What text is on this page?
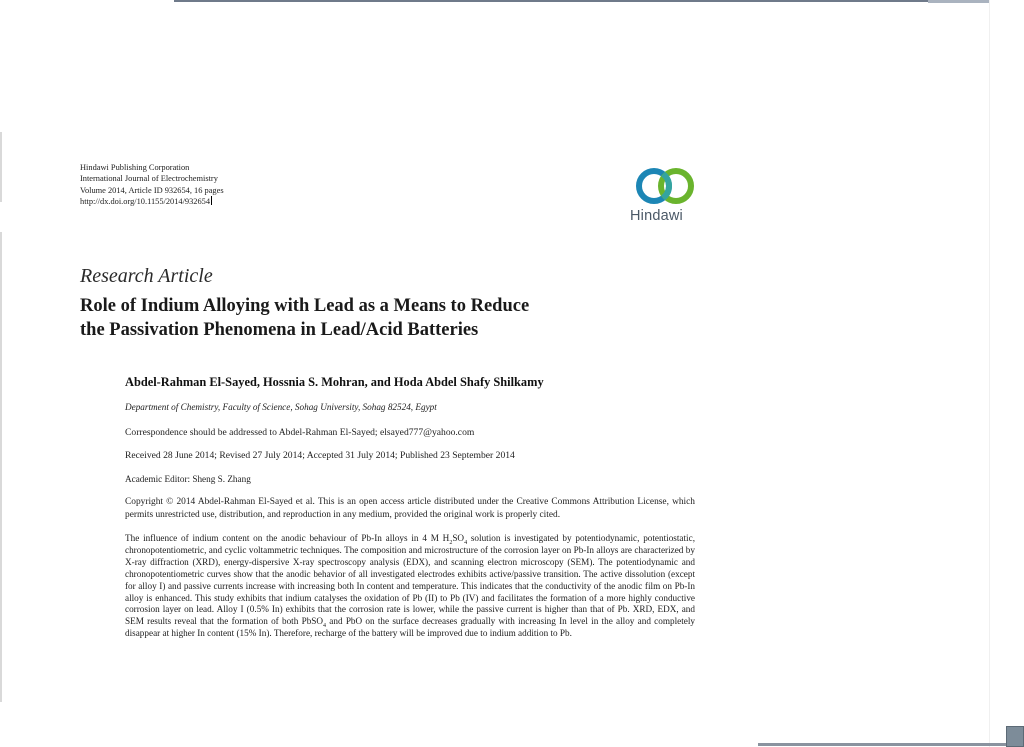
Hindawi Publishing Corporation
International Journal of Electrochemistry
Volume 2014, Article ID 932654, 16 pages
http://dx.doi.org/10.1155/2014/932654
Hindawi
Research Article
Role of Indium Alloying with Lead as a Means to Reduce
the Passivation Phenomena in Lead/Acid Batteries
Abdel-Rahman El-Sayed, Hossnia S. Mohran, and Hoda Abdel Shafy Shilkamy
Department of Chemistry, Faculty of Science, Sohag University, Sohag 82524, Egypt
Correspondence should be addressed to Abdel-Rahman El-Sayed; elsayed777@yahoo.com
Received 28 June 2014; Revised 27 July 2014; Accepted 31 July 2014; Published 23 September 2014
Academic Editor: Sheng S. Zhang
Copyright © 2014 Abdel-Rahman El-Sayed et al. This is an open access article distributed under the Creative Commons Attribution License, which permits unrestricted use, distribution, and reproduction in any medium, provided the original work is properly cited.
The influence of indium content on the anodic behaviour of Pb-In alloys in 4 M $H_2SO_4$ solution is investigated by potentiodynamic, potentiostatic, chronopotentiometric, and cyclic voltammetric techniques. The composition and microstructure of the corrosion layer on Pb-In alloys are characterized by X-ray diffraction (XRD), energy-dispersive X-ray spectroscopy analysis (EDX), and scanning electron microscopy (SEM). The potentiodynamic and chronopotentiometric curves show that the anodic behavior of all investigated electrodes exhibits active/passive transition. The active dissolution (except for alloy I) and passive currents increase with increasing both In content and temperature. This indicates that the conductivity of the anodic film on Pb-In alloy is enhanced. This study exhibits that indium catalyses the oxidation of Pb (II) to Pb (IV) and facilitates the formation of a more highly conductive corrosion layer on lead. Alloy I (0.5% In) exhibits that the corrosion rate is lower, while the passive current is higher than that of Pb. XRD, EDX, and SEM results reveal that the formation of both PbSO$_4$ and PbO on the surface decreases gradually with increasing In level in the alloy and completely disappear at higher In content (15% In). Therefore, recharge of the battery will be improved due to indium addition to Pb.
